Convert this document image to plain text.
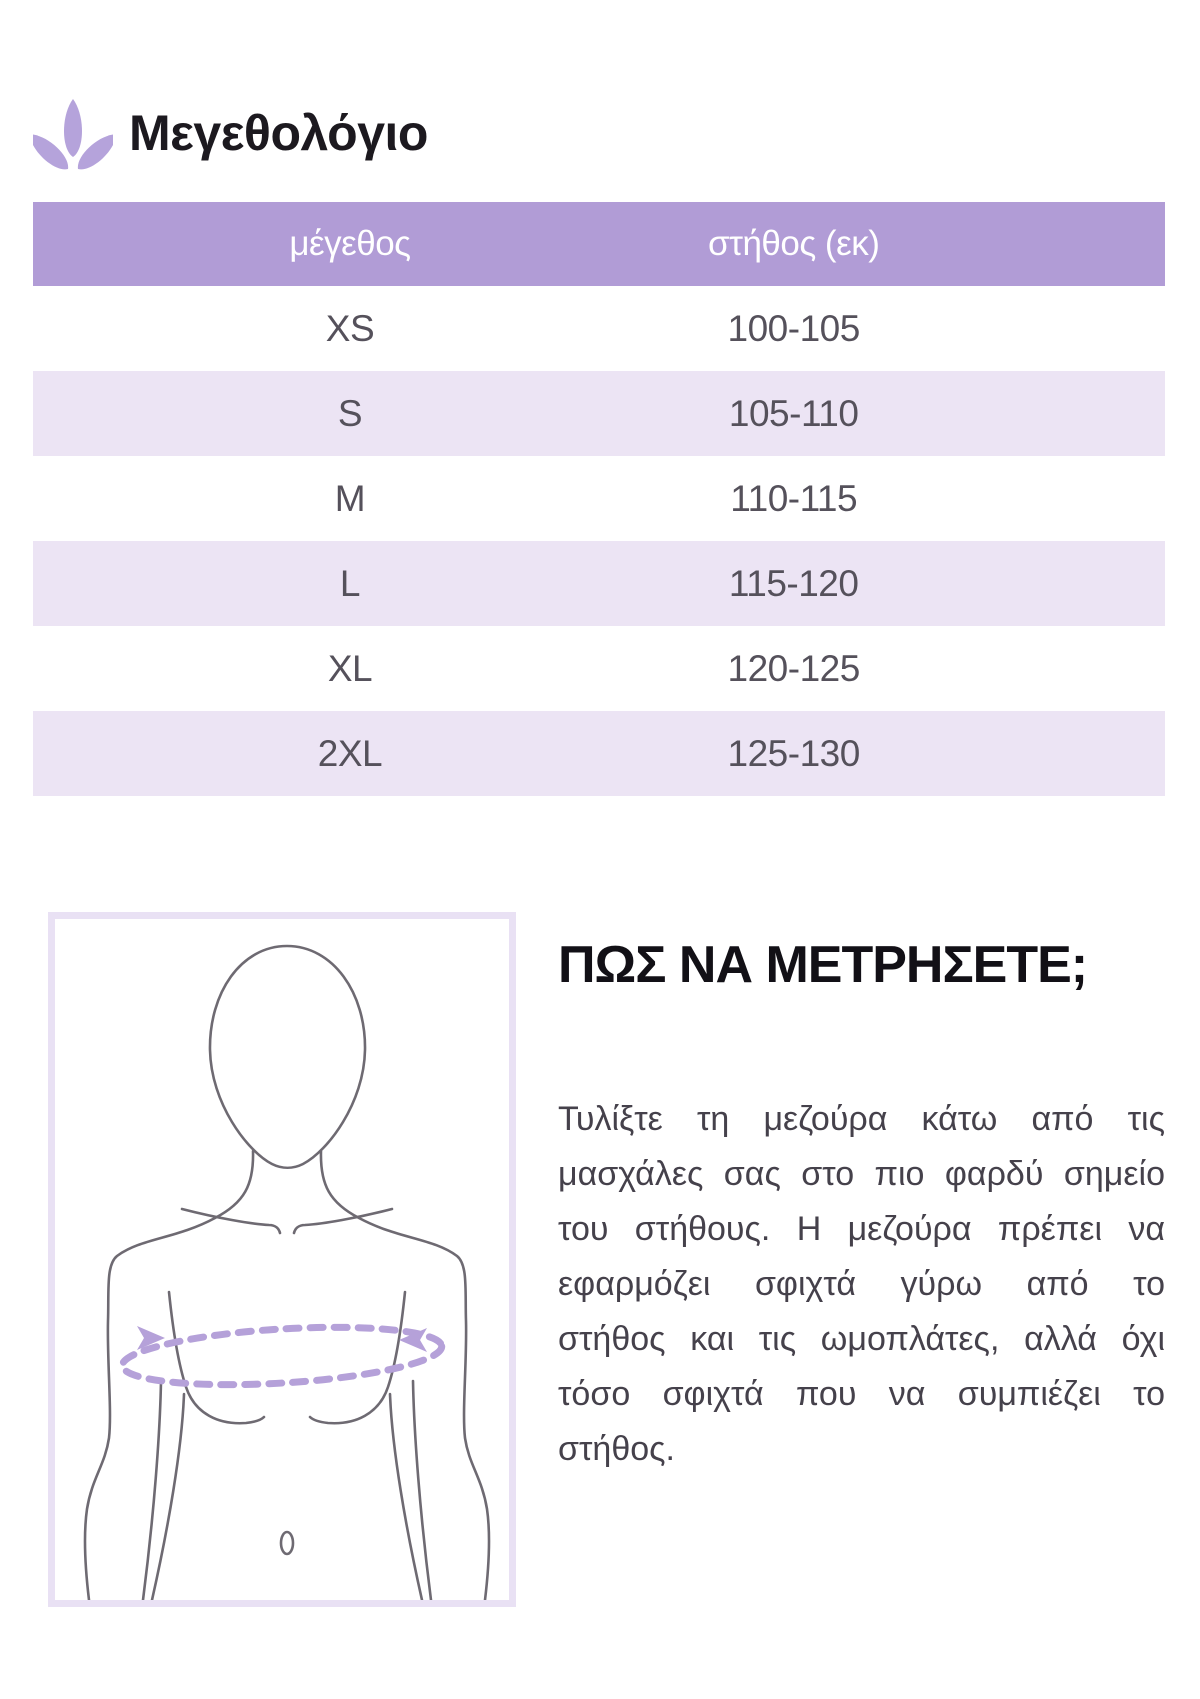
Μεγεθολόγιο
μέγεθος	στήθος (εκ)
XS	100-105
S	105-110
M	110-115
L	115-120
XL	120-125
2XL	125-130
ΠΩΣ ΝΑ ΜΕΤΡΗΣΕΤΕ;
Τυλίξτε τη μεζούρα κάτω από τις
μασχάλες σας στο πιο φαρδύ σημείο
του στήθους. Η μεζούρα πρέπει να
εφαρμόζει σφιχτά γύρω από το
στήθος και τις ωμοπλάτες, αλλά όχι
τόσο σφιχτά που να συμπιέζει το
στήθος.
